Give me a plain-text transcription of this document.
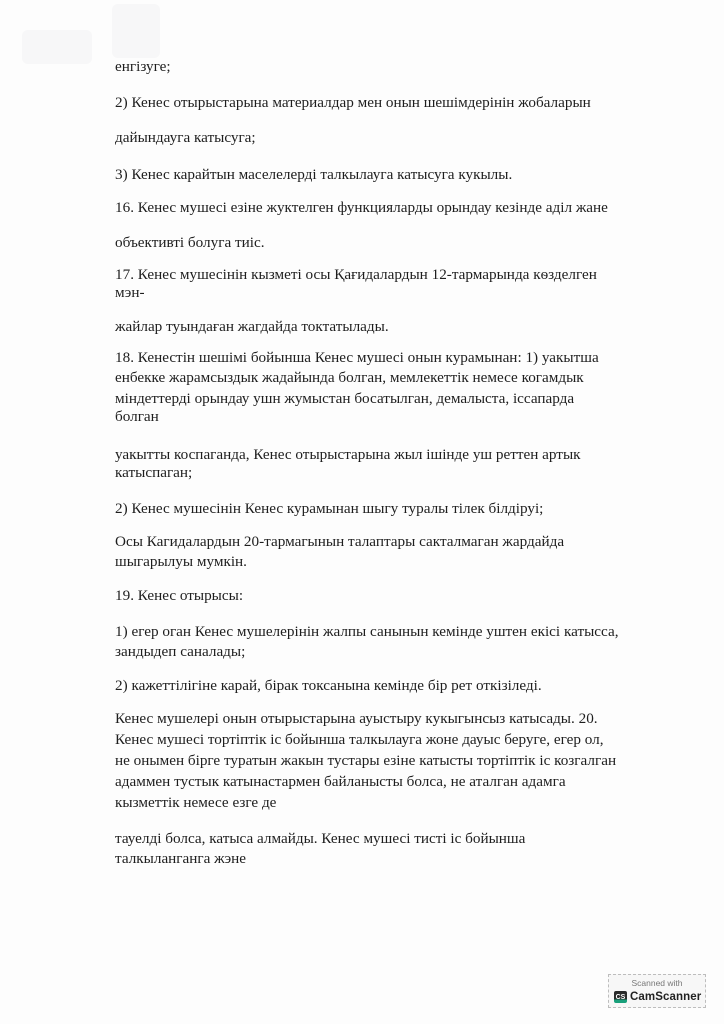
енгізуге;
2) Кенес отырыстарына материалдар мен онын шешімдерінін жобаларын
дайындауга катысуга;
3) Кенес карайтын маселелерді талкылауга катысуга кукылы.
16. Кенес мушесі езіне жуктелген функцияларды орындау кезінде аділ жане
объективті болуга тиіс.
17. Кенес мушесінін кызметі осы Қағидалардын 12-тармарында кѳзделген
мэн-
жайлар туындаған жагдайда токтатылады.
18. Кенестін шешімі бойынша Кенес мушесі онын курамынан: 1) уакытша
енбекке жарамсыздык жадайында болган, мемлекеттік немесе когамдык
міндеттерді орындау ушн жумыстан босатылган, демалыста, іссапарда
болган
уакытты коспаганда, Кенес отырыстарына жыл ішінде уш реттен артык
катыспаган;
2) Кенес мушесінін Кенес курамынан шыгу туралы тілек білдіруі;
Осы Кагидалардын 20-тармагынын талаптары сакталмаган жардайда
шыгарылуы мумкін.
19. Кенес отырысы:
1) егер оган Кенес мушелерінін жалпы санынын кемінде уштен екісі катысса,
зандыдеп саналады;
2) кажеттілігіне карай, бірак токсанына кемінде бір рет откізіледі.
Кенес мушелері онын отырыстарына ауыстыру кукыгынсыз катысады. 20.
Кенес мушесі тортіптік іс бойынша талкылауга жоне дауыс беруге, егер ол,
не онымен бірге туратын жакын тустары езіне катысты тортіптік іс козгалган
адаммен тустык катынастармен байланысты болса, не аталган адамга
кызметтік немесе езге де
тауелді болса, катыса алмайды. Кенес мушесі тисті іс бойынша
талкыланганга жэне
Scanned with
CS CamScanner
